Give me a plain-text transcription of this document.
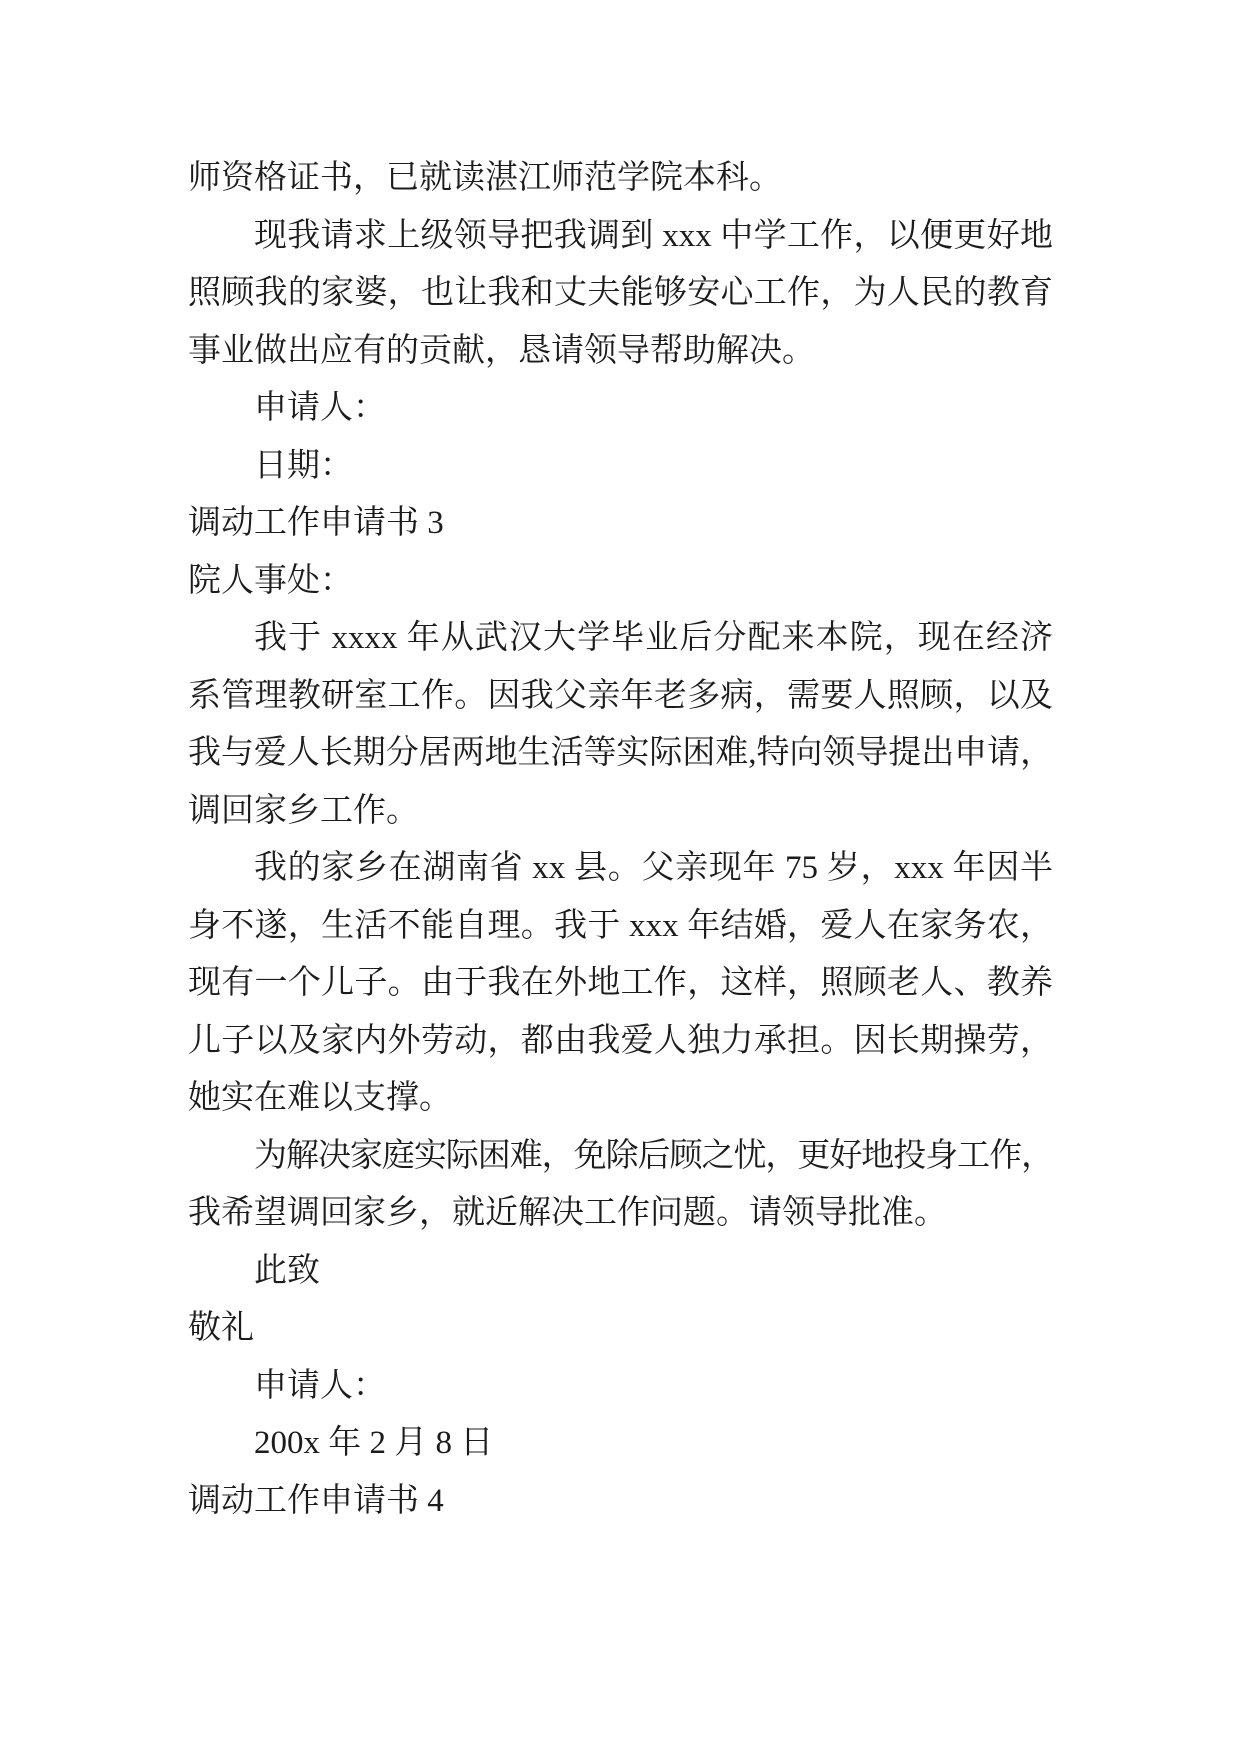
师资格证书，已就读湛江师范学院本科。
现我请求上级领导把我调到 xxx 中学工作，以便更好地
照顾我的家婆，也让我和丈夫能够安心工作，为人民的教育
事业做出应有的贡献，恳请领导帮助解决。
申请人：
日期：
调动工作申请书 3
院人事处：
我于 xxxx 年从武汉大学毕业后分配来本院，现在经济
系管理教研室工作。因我父亲年老多病，需要人照顾，以及
我与爱人长期分居两地生活等实际困难,特向领导提出申请，
调回家乡工作。
我的家乡在湖南省 xx 县。父亲现年 75 岁，xxx 年因半
身不遂，生活不能自理。我于 xxx 年结婚，爱人在家务农，
现有一个儿子。由于我在外地工作，这样，照顾老人、教养
儿子以及家内外劳动，都由我爱人独力承担。因长期操劳，
她实在难以支撑。
为解决家庭实际困难，免除后顾之忧，更好地投身工作，
我希望调回家乡，就近解决工作问题。请领导批准。
此致
敬礼
申请人：
200x 年 2 月 8 日
调动工作申请书 4
